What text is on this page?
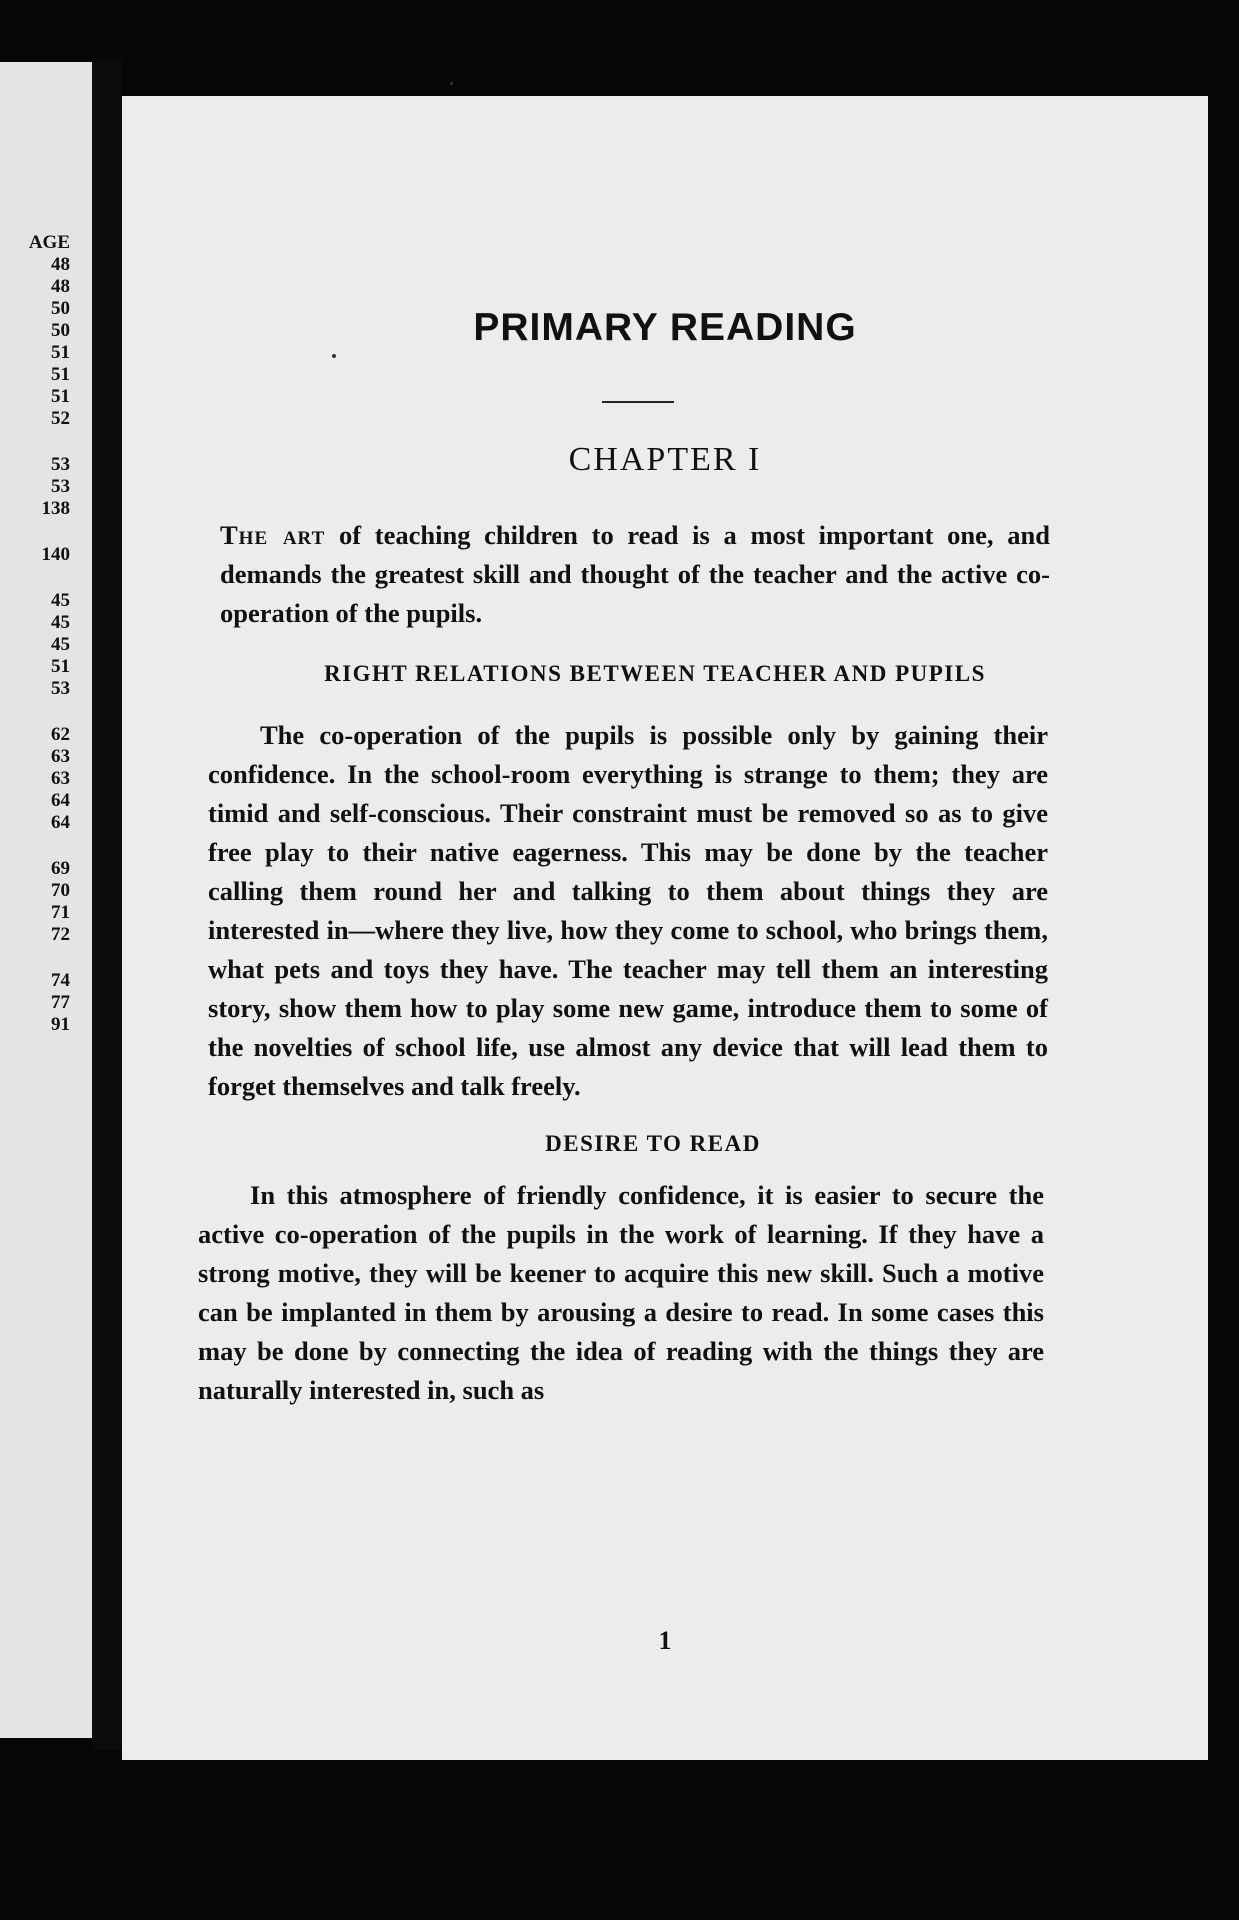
AGE
48
48
50
50
51
51
51
52
53
53
138
140
45
45
45
51
53
62
63
63
64
64
69
70
71
72
74
77
91
PRIMARY READING
CHAPTER I

The art of teaching children to read is a most important one, and demands the greatest skill and thought of the teacher and the active co-operation of the pupils.

RIGHT RELATIONS BETWEEN TEACHER AND PUPILS

The co-operation of the pupils is possible only by gaining their confidence. In the school-room everything is strange to them; they are timid and self-conscious. Their constraint must be removed so as to give free play to their native eagerness. This may be done by the teacher calling them round her and talking to them about things they are interested in—where they live, how they come to school, who brings them, what pets and toys they have. The teacher may tell them an interesting story, show them how to play some new game, introduce them to some of the novelties of school life, use almost any device that will lead them to forget themselves and talk freely.

DESIRE TO READ

In this atmosphere of friendly confidence, it is easier to secure the active co-operation of the pupils in the work of learning. If they have a strong motive, they will be keener to acquire this new skill. Such a motive can be implanted in them by arousing a desire to read. In some cases this may be done by connecting the idea of reading with the things they are naturally interested in, such as

1
